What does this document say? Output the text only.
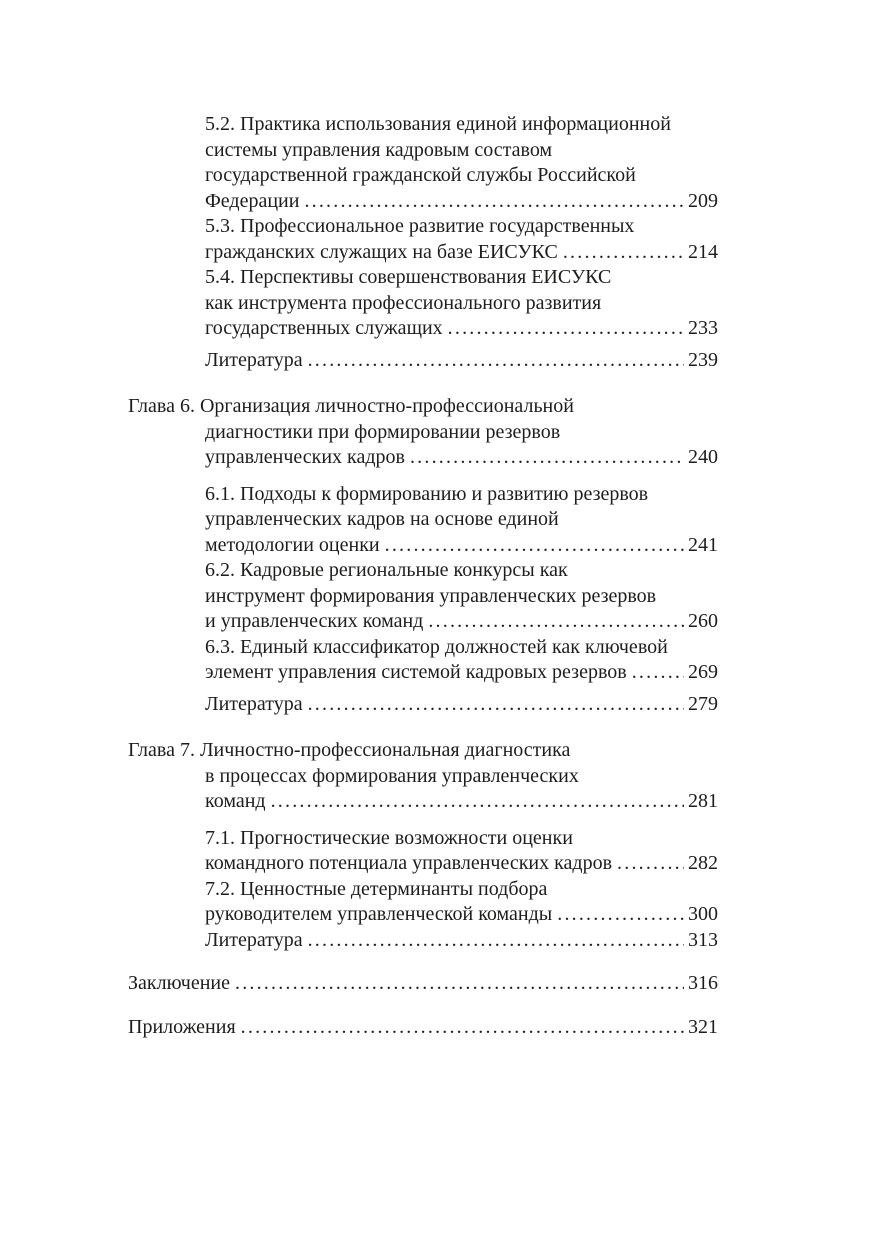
5.2. Практика использования единой информационной
системы управления кадровым составом
государственной гражданской службы Российской
Федерации .....	209
5.3. Профессиональное развитие государственных
гражданских служащих на базе ЕИСУКС .....	214
5.4. Перспективы совершенствования ЕИСУКС
как инструмента профессионального развития
государственных служащих .....	233
Литература .....	239
Глава 6. Организация личностно-профессиональной
диагностики при формировании резервов
управленческих кадров .....	240
6.1. Подходы к формированию и развитию резервов
управленческих кадров на основе единой
методологии оценки .....	241
6.2. Кадровые региональные конкурсы как
инструмент формирования управленческих резервов
и управленческих команд .....	260
6.3. Единый классификатор должностей как ключевой
элемент управления системой кадровых резервов .....	269
Литература .....	279
Глава 7. Личностно-профессиональная диагностика
в процессах формирования управленческих
команд .....	281
7.1. Прогностические возможности оценки
командного потенциала управленческих кадров .....	282
7.2. Ценностные детерминанты подбора
руководителем управленческой команды .....	300
Литература .....	313
Заключение .....	316
Приложения .....	321
